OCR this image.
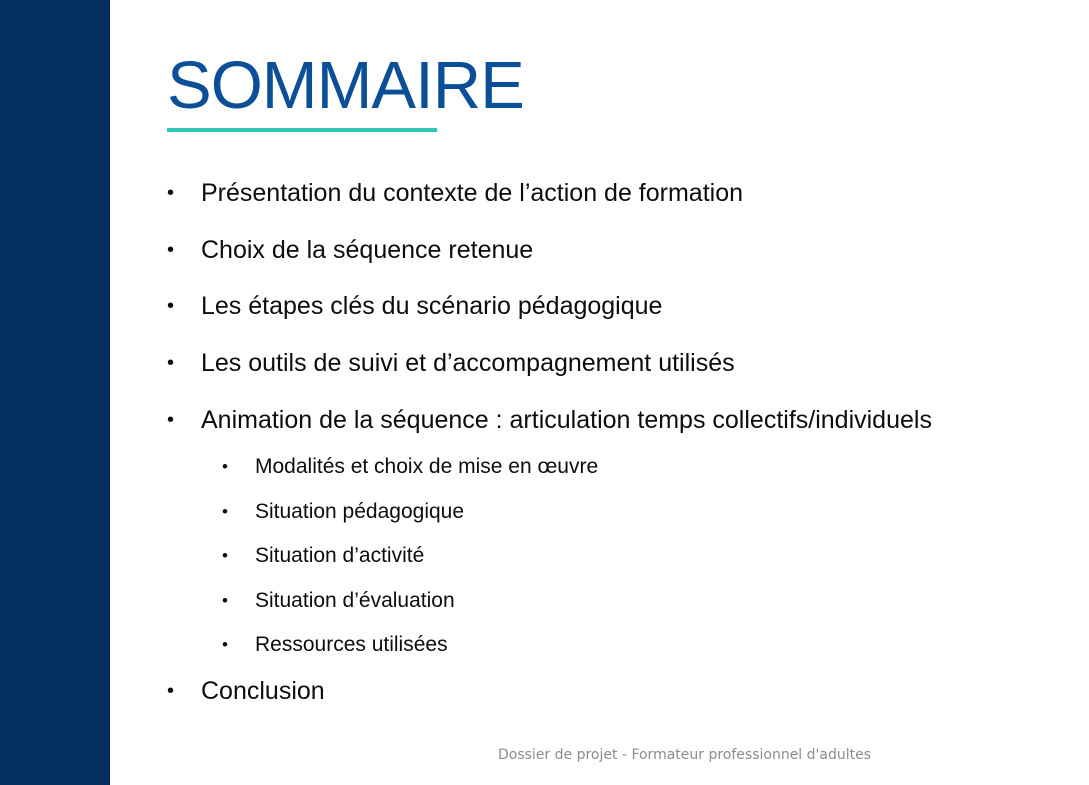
SOMMAIRE
• Présentation du contexte de l’action de formation
• Choix de la séquence retenue
• Les étapes clés du scénario pédagogique
• Les outils de suivi et d’accompagnement utilisés
• Animation de la séquence : articulation temps collectifs/individuels
• Modalités et choix de mise en œuvre
• Situation pédagogique
• Situation d’activité
• Situation d’évaluation
• Ressources utilisées
• Conclusion
Dossier de projet - Formateur professionnel d'adultes
